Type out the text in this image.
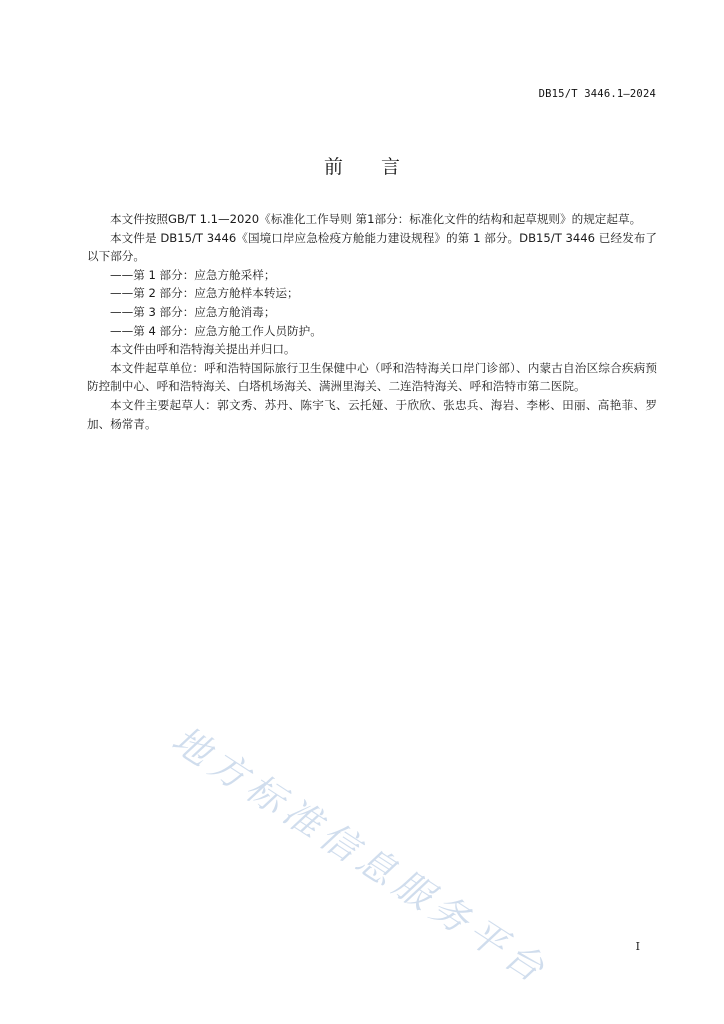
DB15/T 3446.1—2024
前言

本文件按照GB/T 1.1—2020《标准化工作导则 第1部分：标准化文件的结构和起草规则》的规定起草。

本文件是 DB15/T 3446《国境口岸应急检疫方舱能力建设规程》的第 1 部分。DB15/T 3446 已经发布了以下部分。

——第 1 部分：应急方舱采样；

——第 2 部分：应急方舱样本转运；

——第 3 部分：应急方舱消毒；

——第 4 部分：应急方舱工作人员防护。

本文件由呼和浩特海关提出并归口。

本文件起草单位：呼和浩特国际旅行卫生保健中心（呼和浩特海关口岸门诊部）、内蒙古自治区综合疾病预防控制中心、呼和浩特海关、白塔机场海关、满洲里海关、二连浩特海关、呼和浩特市第二医院。

本文件主要起草人：郭文秀、苏丹、陈宇飞、云托娅、于欣欣、张忠兵、海岩、李彬、田丽、高艳菲、罗加、杨常青。

地方标准信息服务平台	I
